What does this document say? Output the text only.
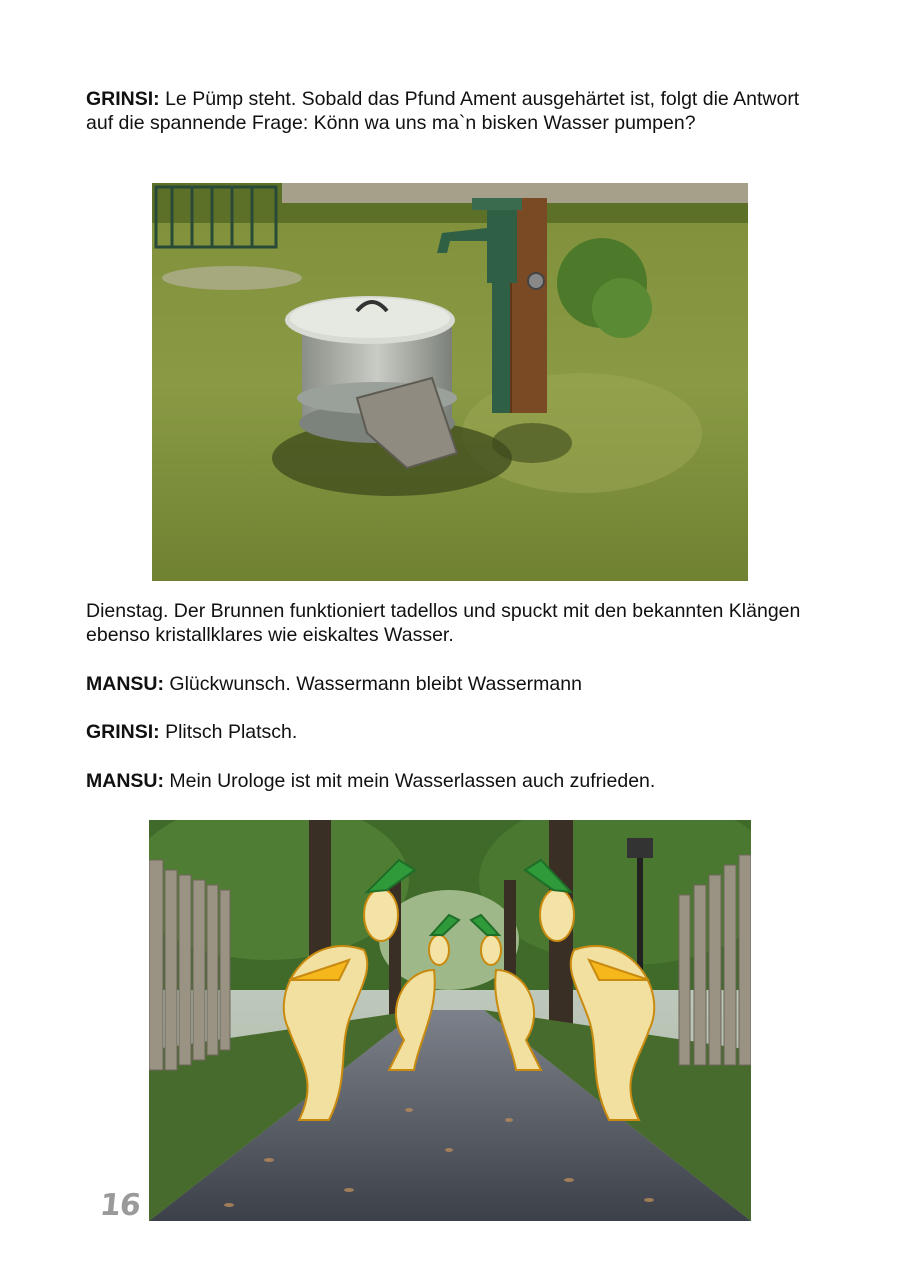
GRINSI: Le Pümp steht. Sobald das Pfund Ament ausgehärtet ist, folgt die Antwort auf die spannende Frage: Könn wa uns ma`n bisken Wasser pumpen?

Dienstag. Der Brunnen funktioniert tadellos und spuckt mit den bekannten Klängen ebenso kristallklares wie eiskaltes Wasser.

MANSU: Glückwunsch. Wassermann bleibt Wassermann

GRINSI: Plitsch Platsch.

MANSU: Mein Urologe ist mit mein Wasserlassen auch zufrieden.

16
